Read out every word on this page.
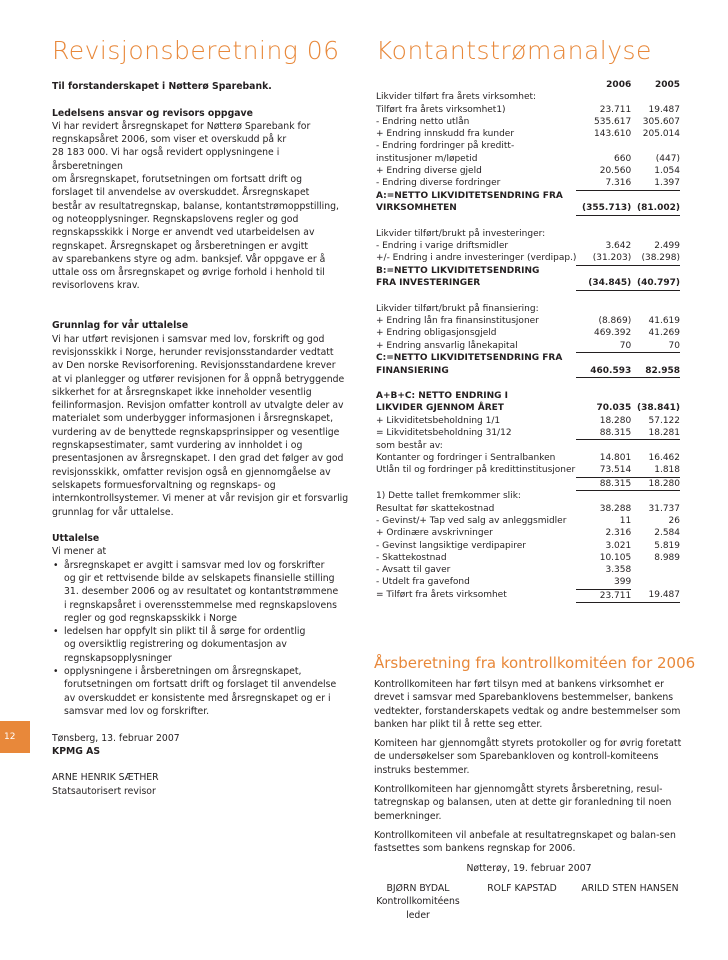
Revisjonsberetning 06

Til forstanderskapet i Nøtterø Sparebank.

Ledelsens ansvar og revisors oppgave

Vi har revidert årsregnskapet for Nøtterø Sparebank for

regnskapsåret 2006, som viser et overskudd på kr

28 183 000. Vi har også revidert opplysningene i årsberetningen

om årsregnskapet, forutsetningen om fortsatt drift og

forslaget til anvendelse av overskuddet. Årsregnskapet

består av resultatregnskap, balanse, kontantstrømoppstilling,

og noteopplysninger. Regnskapslovens regler og god

regnskapsskikk i Norge er anvendt ved utarbeidelsen av

regnskapet. Årsregnskapet og årsberetningen er avgitt

av sparebankens styre og adm. banksjef. Vår oppgave er å

uttale oss om årsregnskapet og øvrige forhold i henhold til

revisorlovens krav.

Grunnlag for vår uttalelse

Vi har utført revisjonen i samsvar med lov, forskrift og god

revisjonsskikk i Norge, herunder revisjonsstandarder vedtatt

av Den norske Revisorforening. Revisjonsstandardene krever

at vi planlegger og utfører revisjonen for å oppnå betryggende

sikkerhet for at årsregnskapet ikke inneholder vesentlig

feilinformasjon. Revisjon omfatter kontroll av utvalgte deler av

materialet som underbygger informasjonen i årsregnskapet,

vurdering av de benyttede regnskapsprinsipper og vesentlige

regnskapsestimater, samt vurdering av innholdet i og

presentasjonen av årsregnskapet. I den grad det følger av god

revisjonsskikk, omfatter revisjon også en gjennomgåelse av

selskapets formuesforvaltning og regnskaps- og

internkontrollsystemer. Vi mener at vår revisjon gir et forsvarlig

grunnlag for vår uttalelse.

Uttalelse

Vi mener at

• årsregnskapet er avgitt i samsvar med lov og forskrifter

og gir et rettvisende bilde av selskapets finansielle stilling

31. desember 2006 og av resultatet og kontantstrømmene

i regnskapsåret i overensstemmelse med regnskapslovens

regler og god regnskapsskikk i Norge

• ledelsen har oppfylt sin plikt til å sørge for ordentlig

og oversiktlig registrering og dokumentasjon av

regnskapsopplysninger

• opplysningene i årsberetningen om årsregnskapet,

forutsetningen om fortsatt drift og forslaget til anvendelse

av overskuddet er konsistente med årsregnskapet og er i

samsvar med lov og forskrifter.

Tønsberg, 13. februar 2007

KPMG AS

ARNE HENRIK SÆTHER

Statsautorisert revisor

12
Kontantstrømanalyse
	2006	2005
Likvider tilført fra årets virksomhet:		
Tilført fra årets virksomhet1)	23.711	19.487
- Endring netto utlån	535.617	305.607
+ Endring innskudd fra kunder	143.610	205.014
- Endring fordringer på kreditt-		
institusjoner m/løpetid	660	(447)
+ Endring diverse gjeld	20.560	1.054
- Endring diverse fordringer	7.316	1.397
A:=NETTO LIKVIDITETSENDRING FRA		
VIRKSOMHETEN	(355.713)	(81.002)

Likvider tilført/brukt på investeringer:		
- Endring i varige driftsmidler	3.642	2.499
+/- Endring i andre investeringer (verdipap.)	(31.203)	(38.298)
B:=NETTO LIKVIDITETSENDRING		
FRA INVESTERINGER	(34.845)	(40.797)

Likvider tilført/brukt på finansiering:		
+ Endring lån fra finansinstitusjoner	(8.869)	41.619
+ Endring obligasjonsgjeld	469.392	41.269
+ Endring ansvarlig lånekapital	70	70
C:=NETTO LIKVIDITETSENDRING FRA		
FINANSIERING	460.593	82.958

A+B+C: NETTO ENDRING I		
LIKVIDER GJENNOM ÅRET	70.035	(38.841)
+ Likviditetsbeholdning 1/1	18.280	57.122
= Likviditetsbeholdning 31/12	88.315	18.281
som består av:		
Kontanter og fordringer i Sentralbanken	14.801	16.462
Utlån til og fordringer på kredittinstitusjoner	73.514	1.818
	88.315	18.280
1) Dette tallet fremkommer slik:		
Resultat før skattekostnad	38.288	31.737
- Gevinst/+ Tap ved salg av anleggsmidler	11	26
+ Ordinære avskrivninger	2.316	2.584
- Gevinst langsiktige verdipapirer	3.021	5.819
- Skattekostnad	10.105	8.989
- Avsatt til gaver	3.358	
- Utdelt fra gavefond	399	
= Tilført fra årets virksomhet	23.711	19.487
Årsberetning fra kontrollkomitéen for 2006

Kontrollkomiteen har ført tilsyn med at bankens virksomhet er drevet i samsvar med Sparebanklovens bestemmelser, bankens vedtekter, forstanderskapets vedtak og andre bestemmelser som banken har plikt til å rette seg etter.

Komiteen har gjennomgått styrets protokoller og for øvrig foretatt de undersøkelser som Sparebankloven og kontroll-komiteens instruks bestemmer.

Kontrollkomiteen har gjennomgått styrets årsberetning, resul-tatregnskap og balansen, uten at dette gir foranledning til noen bemerkninger.

Kontrollkomiteen vil anbefale at resultatregnskapet og balan-sen fastsettes som bankens regnskap for 2006.

Nøtterøy, 19. februar 2007
BJØRN BYDAL
Kontrollkomitéens
leder
ROLF KAPSTAD	ARILD STEN HANSEN
